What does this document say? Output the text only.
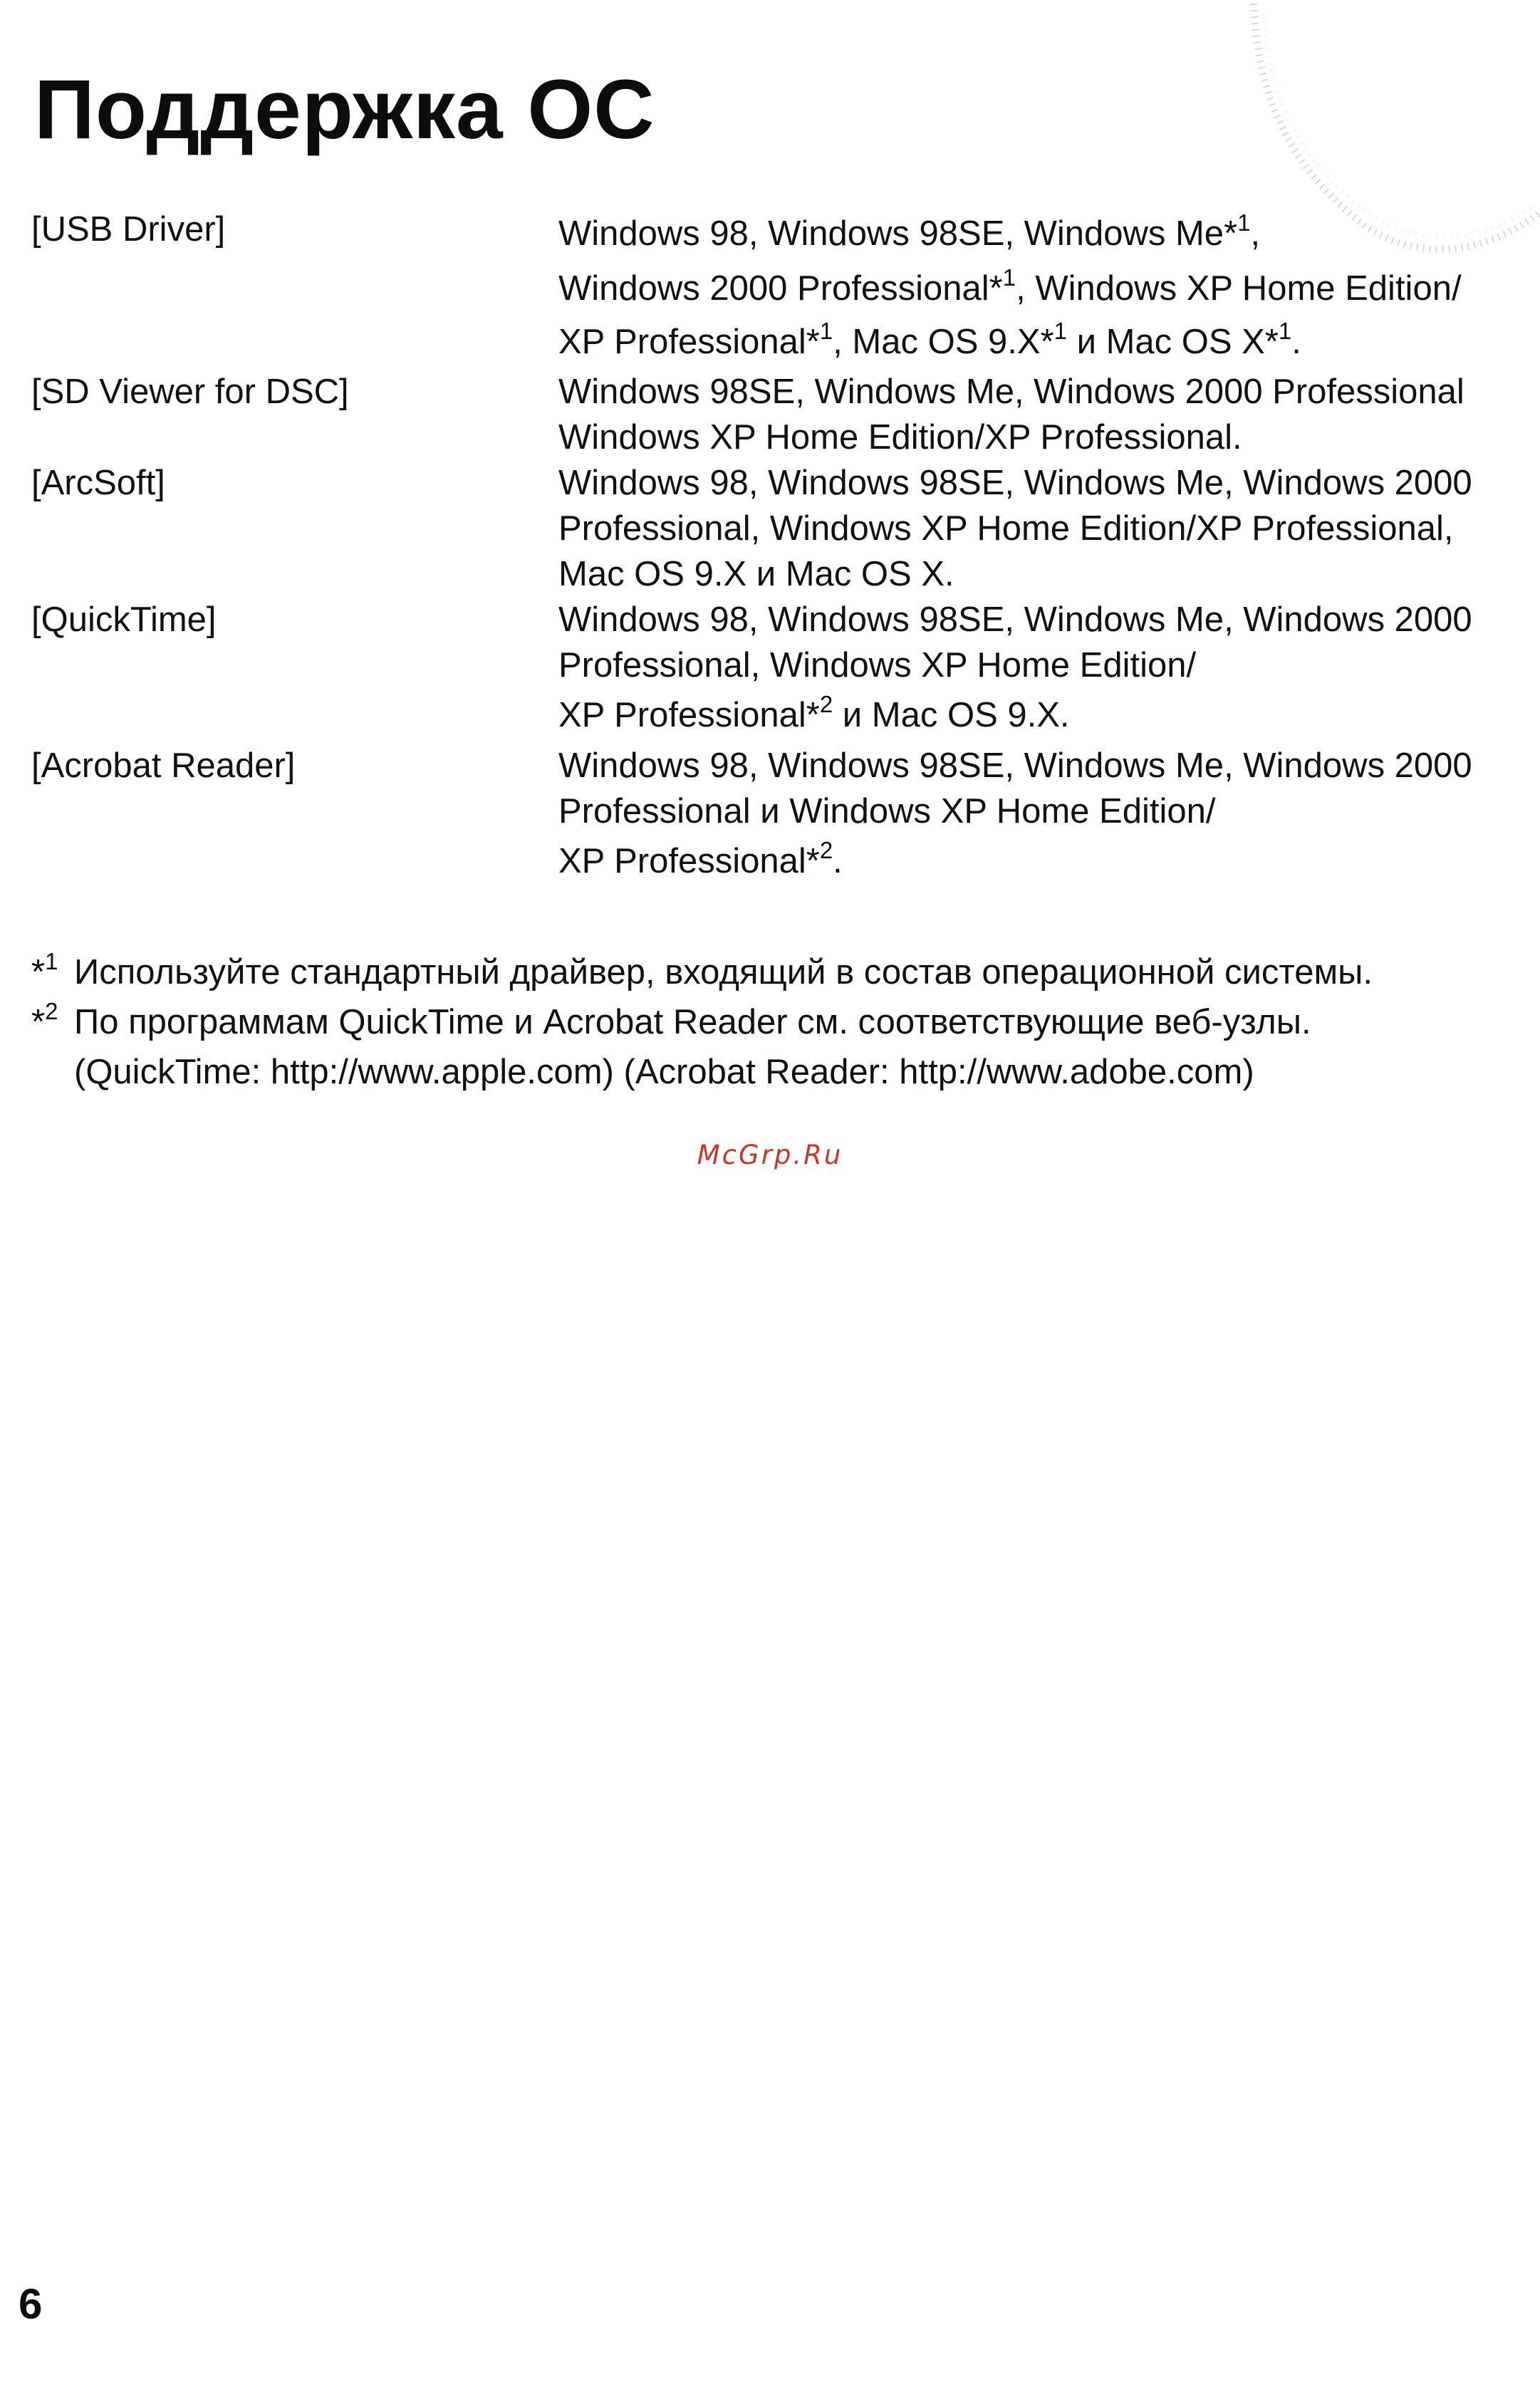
Поддержка ОС
[USB Driver]	Windows 98, Windows 98SE, Windows Me*$^1$,
Windows 2000 Professional*$^1$, Windows XP Home Edition/
XP Professional*$^1$, Mac OS 9.X*$^1$ и Mac OS X*$^1$.
[SD Viewer for DSC]	Windows 98SE, Windows Me, Windows 2000 Professional
Windows XP Home Edition/XP Professional.
[ArcSoft]	Windows 98, Windows 98SE, Windows Me, Windows 2000
Professional, Windows XP Home Edition/XP Professional,
Mac OS 9.X и Mac OS X.
[QuickTime]	Windows 98, Windows 98SE, Windows Me, Windows 2000
Professional, Windows XP Home Edition/
XP Professional*$^2$ и Mac OS 9.X.
[Acrobat Reader]	Windows 98, Windows 98SE, Windows Me, Windows 2000
Professional и Windows XP Home Edition/
XP Professional*$^2$.
*$^1$ Используйте стандартный драйвер, входящий в состав операционной системы.
*$^2$ По программам QuickTime и Acrobat Reader см. соответствующие веб-узлы.
(QuickTime: http://www.apple.com) (Acrobat Reader: http://www.adobe.com)
McGrp.Ru
6
